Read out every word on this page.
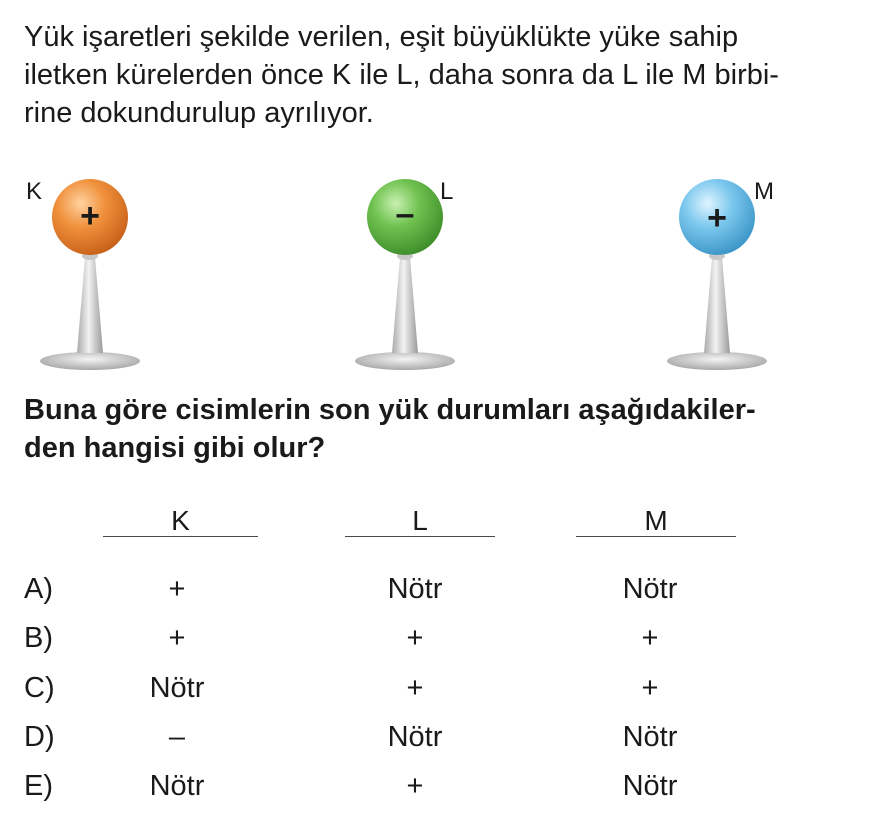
Yük işaretleri şekilde verilen, eşit büyüklükte yüke sahip
iletken kürelerden önce K ile L, daha sonra da L ile M birbi-
rine dokundurulup ayrılıyor.
+
K
–
L
+
M
Buna göre cisimlerin son yük durumları aşağıdakiler-
den hangisi gibi olur?
K	L	M
A)	+	Nötr	Nötr
B)	+	+	+
C)	Nötr	+	+
D)	–	Nötr	Nötr
E)	Nötr	+	Nötr
